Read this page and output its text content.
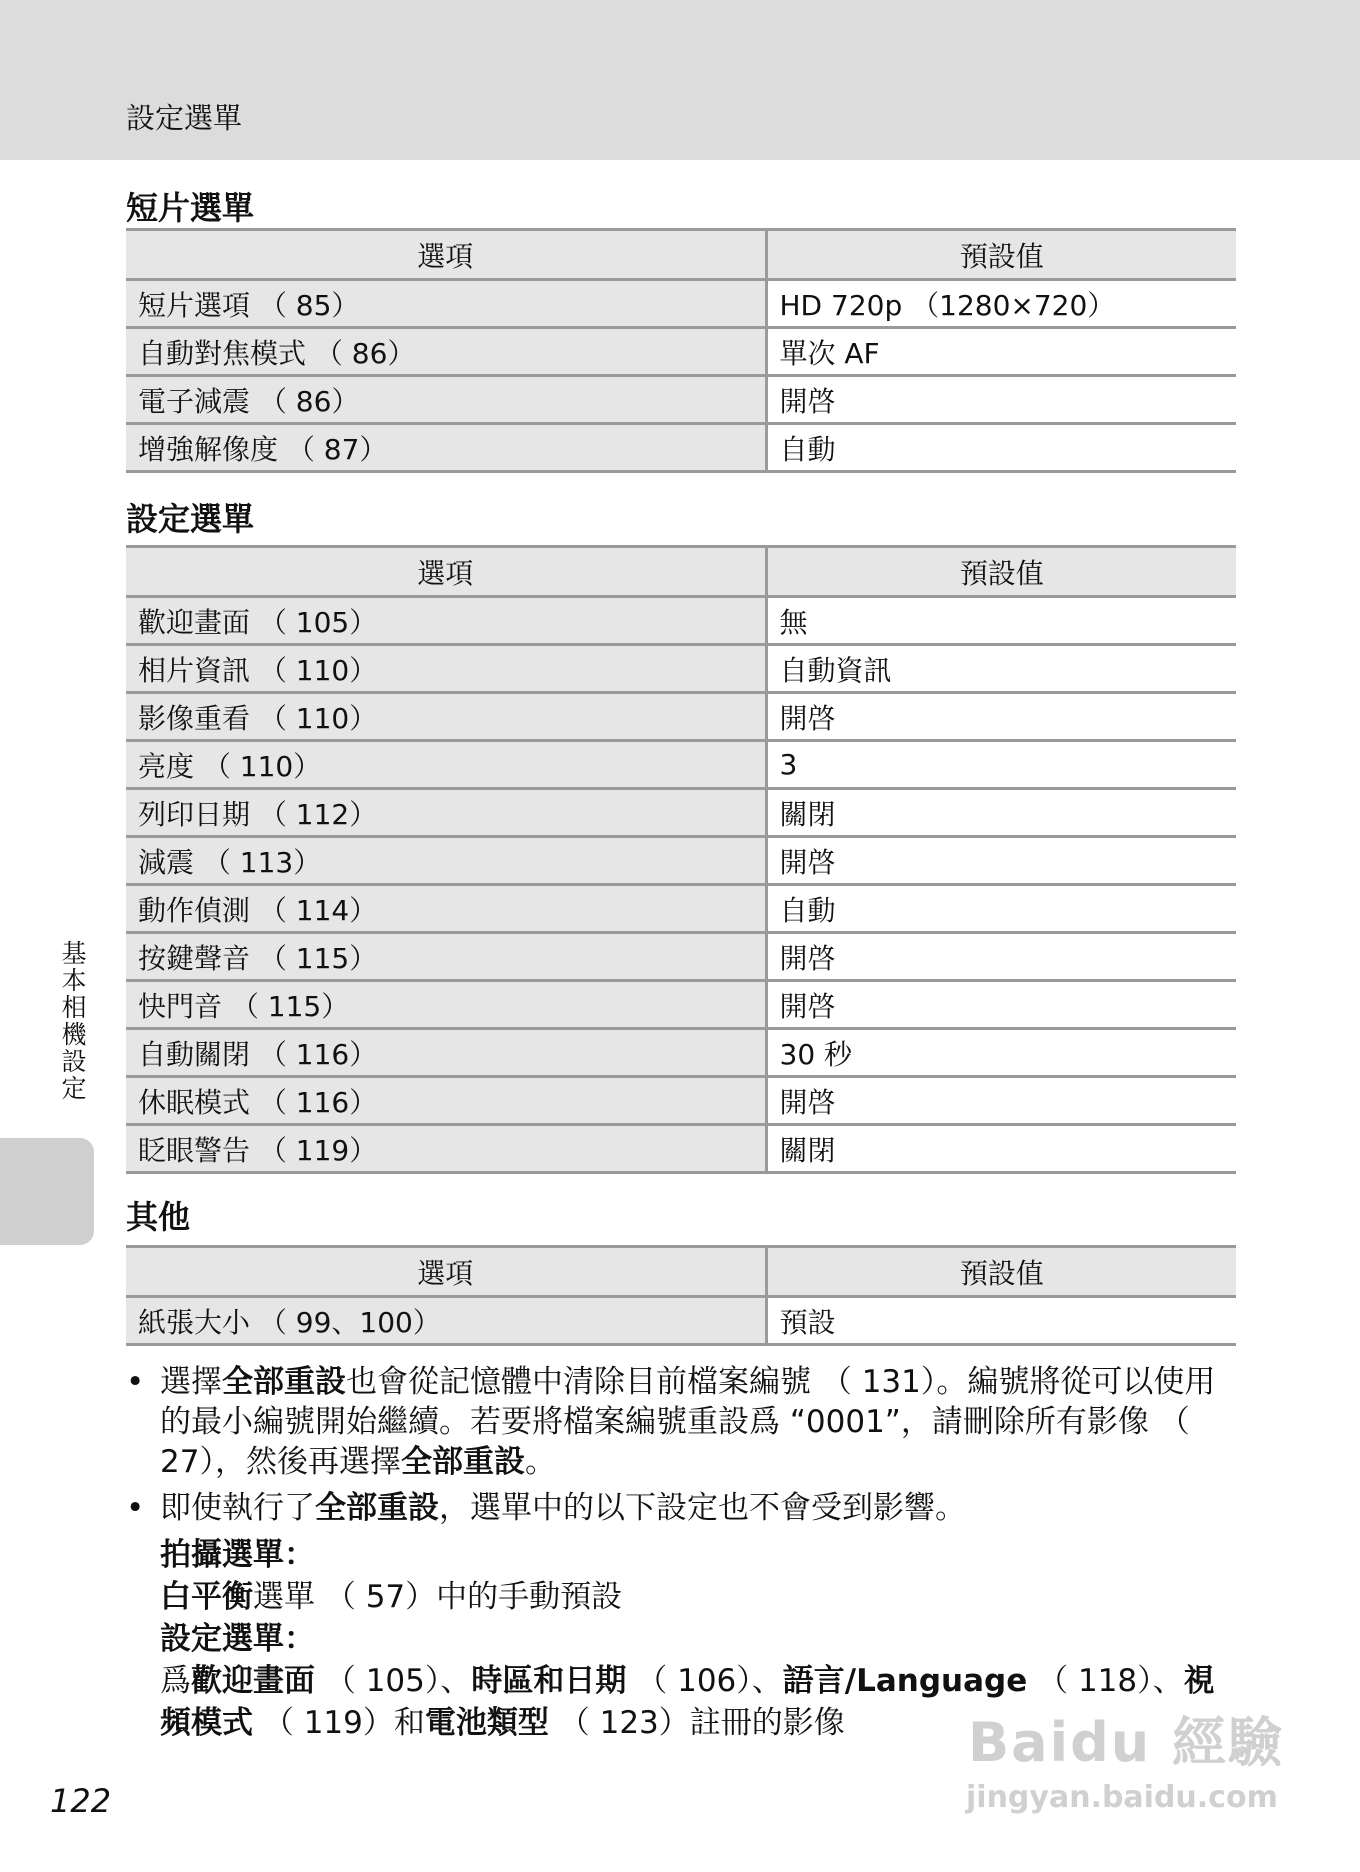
設定選單
短片選單
選項	預設值
短片選項 （ 85）	HD 720p （1280×720）
自動對焦模式 （ 86）	單次 AF
電子減震 （ 86）	開啓
增強解像度 （ 87）	自動
設定選單
選項	預設值
歡迎畫面 （ 105）	無
相片資訊 （ 110）	自動資訊
影像重看 （ 110）	開啓
亮度 （ 110）	3
列印日期 （ 112）	關閉
減震 （ 113）	開啓
動作偵測 （ 114）	自動
按鍵聲音 （ 115）	開啓
快門音 （ 115）	開啓
自動關閉 （ 116）	30 秒
休眠模式 （ 116）	開啓
眨眼警告 （ 119）	關閉
其他
選項	預設值
紙張大小 （ 99、100）	預設
• 選擇全部重設也會從記憶體中清除目前檔案編號 （ 131）。編號將從可以使用的最小編號開始繼續。若要將檔案編號重設爲 “0001”，請刪除所有影像 （ 27），然後再選擇全部重設。
• 即使執行了全部重設，選單中的以下設定也不會受到影響。
拍攝選單：
白平衡選單 （ 57）中的手動預設
設定選單：
爲歡迎畫面 （ 105）、時區和日期 （ 106）、語言/Language （ 118）、視頻模式 （ 119）和電池類型 （ 123）註冊的影像
基本相機設定
122
Baidu 經驗
jingyan.baidu.com
